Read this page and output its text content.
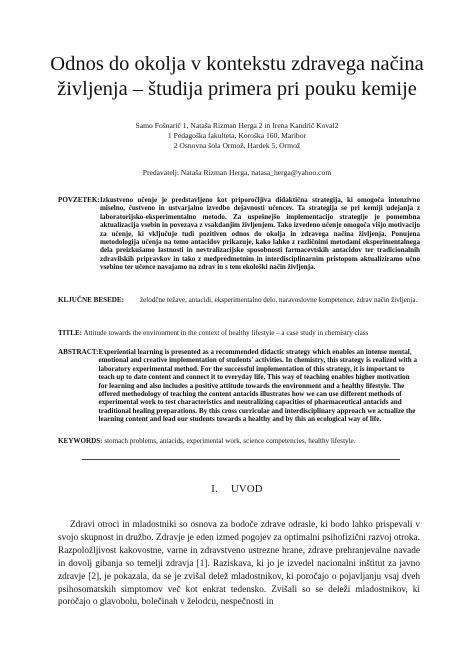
Odnos do okolja v kontekstu zdravega načina
življenja – študija primera pri pouku kemije
Samo Fošnarič 1, Nataša Rizman Herga 2 in Irena Kandrič Koval2
1 Pedagoška fakulteta, Koroška 160, Maribor
2 Osnovna šola Ormož, Hardek 5, Ormož
Predavatelj: Nataša Rizman Herga, natasa_herga@yahoo.com
POVZETEK: Izkustveno učenje je predstavljeno kot priporočljiva didaktična strategija, ki omogoča intenzivno miselno, čustveno in ustvarjalno izvedbo dejavnosti učencev. Ta strategija se pri kemiji udejanja z laboratorijsko-eksperimentalno metodo. Za uspešnejšo implementacijo strategije je pomembna aktualizacija vsebin in povezava z vsakdanjim življenjem. Tako izvedeno učenje omogoča višjo motivacijo za učenje, ki vključuje tudi pozitiven odnos do okolja in zdravega načina življenja. Ponujena metodologija učenja na temo antacidov prikazuje, kako lahko z različnimi metodami eksperimentalnega dela preizkušamo lastnosti in nevtralizacijske sposobnosti farmacevtskih antacidov ter tradicionalnih zdravilskih pripravkov in tako z medpredmetnim in interdisciplinarnim pristopom aktualiziramo učno vsebino ter učence navajamo na zdrav in s tem ekološki način življenja.
KLJUČNE BESEDE:	želodčne težave, antacidi, eksperimentalno delo, naravoslovne kompetence, zdrav način življenja.
TITLE: Attitude towards the environment in the context of healthy lifestyle – a case study in chemistry class
ABSTRACT: Experiential learning is presented as a recommended didactic strategy which enables an intense mental, emotional and creative implementation of students' activities. In chemistry, this strategy is realized with a laboratory experimental method. For the successful implementation of this strategy, it is important to teach up to date content and connect it to everyday life. This way of teaching enables higher motivation for learning and also includes a positive attitude towards the environment and a healthy lifestyle. The offered methodology of teaching the content antacids illustrates how we can use different methods of experimental work to test characteristics and neutralizing capacities of pharmaceutical antacids and traditional healing preparations. By this cross curricular and interdisciplinary approach we actualize the learning content and lead our students towards a healthy and by this an ecological way of life.
KEYWORDS: stomach problems, antacids, experimental work, science competencies, healthy lifestyle.
I. UVOD

Zdravi otroci in mladostniki so osnova za bodoče zdrave odrasle, ki bodo lahko prispevali v svojo skupnost in družbo. Zdravje je eden izmed pogojev za optimalni psihofizični razvoj otroka. Razpoložljivost kakovostne, varne in zdravstveno ustrezne hrane, zdrave prehranjevalne navade in dovolj gibanja so temelji zdravja [1]. Raziskava, ki jo je izvedel nacionalni inštitut za javno zdravje [2], je pokazala, da se je zvišal delež mladostnikov, ki poročajo o pojavljanju vsaj dveh psihosomatskih simptomov več kot enkrat tedensko. Zvišali so se deleži mladostnikov, ki poročajo o glavobolu, bolečinah v želodcu, nespečnosti in
